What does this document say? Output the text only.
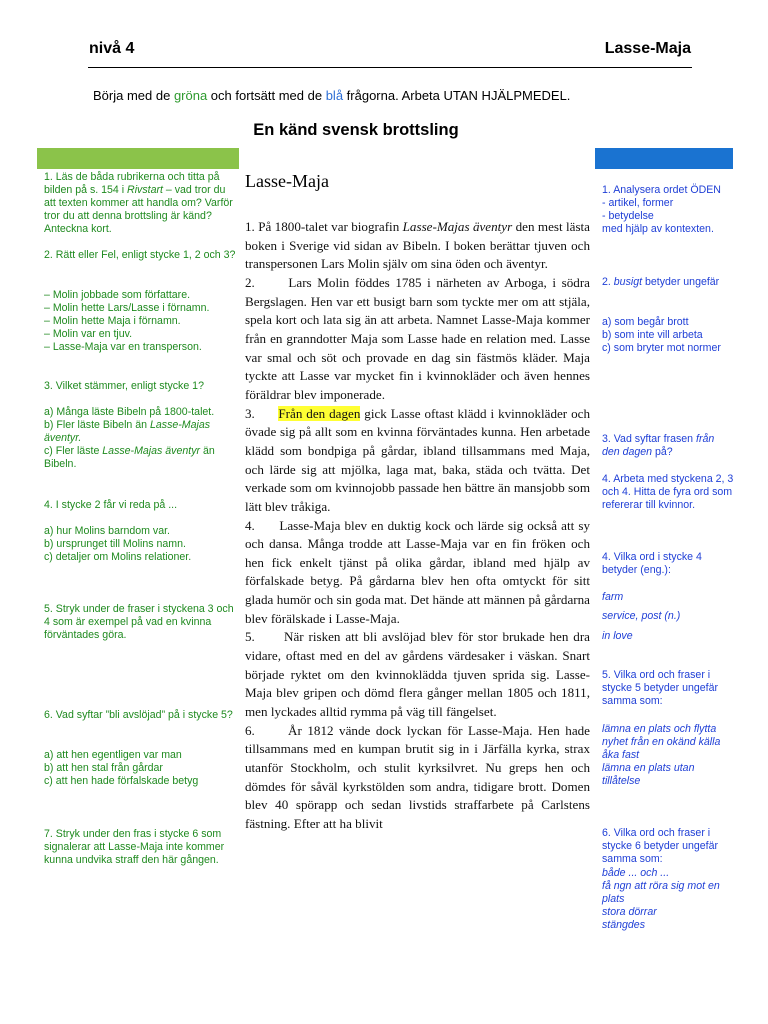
nivå 4	Lasse-Maja
Börja med de gröna och fortsätt med de blå frågorna. Arbeta UTAN HJÄLPMEDEL.
En känd svensk brottsling

1. Läs de båda rubrikerna och titta på bilden på s. 154 i Rivstart – vad tror du att texten kommer att handla om? Varför tror du att denna brottsling är känd? Anteckna kort.

2. Rätt eller Fel, enligt stycke 1, 2 och 3?

– Molin jobbade som författare.

– Molin hette Lars/Lasse i förnamn.

– Molin hette Maja i förnamn.

– Molin var en tjuv.

– Lasse-Maja var en transperson.

3. Vilket stämmer, enligt stycke 1?

a) Många läste Bibeln på 1800-talet.

b) Fler läste Bibeln än Lasse-Majas äventyr.

c) Fler läste Lasse-Majas äventyr än Bibeln.

4. I stycke 2 får vi reda på ...

a) hur Molins barndom var.

b) ursprunget till Molins namn.

c) detaljer om Molins relationer.

5. Stryk under de fraser i styckena 3 och 4 som är exempel på vad en kvinna förväntades göra.

6. Vad syftar ”bli avslöjad” på i stycke 5?

a) att hen egentligen var man

b) att hen stal från gårdar

c) att hen hade förfalskade betyg

7. Stryk under den fras i stycke 6 som signalerar att Lasse-Maja inte kommer kunna undvika straff den här gången.

Lasse-Maja

1. På 1800-talet var biografin Lasse-Majas äventyr den mest lästa boken i Sverige vid sidan av Bibeln. I boken berättar tjuven och transpersonen Lars Molin själv om sina öden och äventyr.

2.	Lars Molin föddes 1785 i närheten av Arboga, i södra Bergslagen. Hen var ett busigt barn som tyckte mer om att stjäla, spela kort och lata sig än att arbeta. Namnet Lasse-Maja kommer från en granndotter Maja som Lasse hade en relation med. Lasse var smal och söt och provade en dag sin fästmös kläder. Maja tyckte att Lasse var mycket fin i kvinnokläder och även hennes föräldrar blev imponerade.

3. Från den dagen gick Lasse oftast klädd i kvinnokläder och övade sig på allt som en kvinna förväntades kunna. Hen arbetade klädd som bondpiga på gårdar, ibland tillsammans med Maja, och lärde sig att mjölka, laga mat, baka, städa och tvätta. Det verkade som om kvinnojobb passade hen bättre än mansjobb som lätt blev tråkiga.

4. Lasse-Maja blev en duktig kock och lärde sig också att sy och dansa. Många trodde att Lasse-Maja var en fin fröken och hen fick enkelt tjänst på olika gårdar, ibland med hjälp av förfalskade betyg. På gårdarna blev hen ofta omtyckt för sitt glada humör och sin goda mat. Det hände att männen på gårdarna blev förälskade i Lasse-Maja.

5. När risken att bli avslöjad blev för stor brukade hen dra vidare, oftast med en del av gårdens värdesaker i väskan. Snart började ryktet om den kvinnoklädda tjuven sprida sig. Lasse-Maja blev gripen och dömd flera gånger mellan 1805 och 1811, men lyckades alltid rymma på väg till fängelset.

6.	År 1812 vände dock lyckan för Lasse-Maja. Hen hade tillsammans med en kumpan brutit sig in i Järfälla kyrka, strax utanför Stockholm, och stulit kyrksilvret. Nu greps hen och dömdes för såväl kyrkstölden som andra, tidigare brott. Domen blev 40 spörapp och sedan livstids straffarbete på Carlstens fästning. Efter att ha blivit

1. Analysera ordet ÖDEN

- artikel, former

- betydelse

med hjälp av kontexten.

2. busigt betyder ungefär

a) som begår brott

b) som inte vill arbeta

c) som bryter mot normer

3. Vad syftar frasen från den dagen på?

4. Arbeta med styckena 2, 3 och 4. Hitta de fyra ord som refererar till kvinnor.

4. Vilka ord i stycke 4 betyder (eng.):

farm

service, post (n.)

in love

5. Vilka ord och fraser i stycke 5 betyder ungefär samma som:

lämna en plats och flytta

nyhet från en okänd källa

åka fast

lämna en plats utan tillåtelse

6. Vilka ord och fraser i stycke 6 betyder ungefär samma som:

både ... och ...

få ngn att röra sig mot en plats

stora dörrar

stängdes
